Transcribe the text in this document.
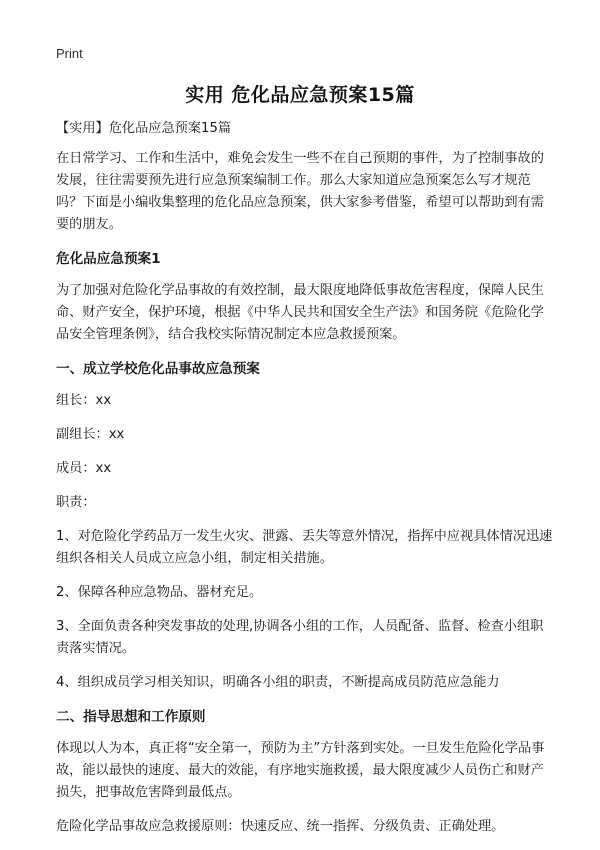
Print
实用 危化品应急预案15篇

【实用】危化品应急预案15篇

在日常学习、工作和生活中，难免会发生一些不在自己预期的事件，为了控制事故的发展，往往需要预先进行应急预案编制工作。那么大家知道应急预案怎么写才规范吗？下面是小编收集整理的危化品应急预案，供大家参考借鉴，希望可以帮助到有需要的朋友。

危化品应急预案1

为了加强对危险化学品事故的有效控制，最大限度地降低事故危害程度，保障人民生命、财产安全，保护环境，根据《中华人民共和国安全生产法》和国务院《危险化学品安全管理条例》，结合我校实际情况制定本应急救援预案。

一、成立学校危化品事故应急预案

组长：xx

副组长：xx

成员：xx

职责：

1、对危险化学药品万一发生火灾、泄露、丢失等意外情况，指挥中应视具体情况迅速组织各相关人员成立应急小组，制定相关措施。

2、保障各种应急物品、器材充足。

3、全面负责各种突发事故的处理,协调各小组的工作，人员配备、监督、检查小组职责落实情况。

4、组织成员学习相关知识，明确各小组的职责，不断提高成员防范应急能力

二、指导思想和工作原则

体现以人为本，真正将“安全第一，预防为主”方针落到实处。一旦发生危险化学品事故，能以最快的速度、最大的效能，有序地实施救援，最大限度减少人员伤亡和财产损失，把事故危害降到最低点。

危险化学品事故应急救援原则：快速反应、统一指挥、分级负责、正确处理。
